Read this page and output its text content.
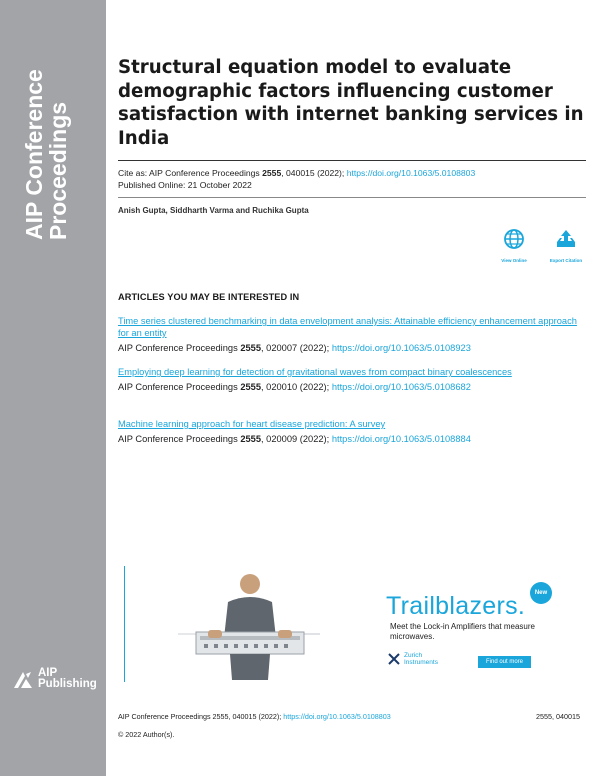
AIP Conference Proceedings
AIP
Publishing
Structural equation model to evaluate demographic factors influencing customer satisfaction with internet banking services in India
Cite as: AIP Conference Proceedings 2555, 040015 (2022); https://doi.org/10.1063/5.0108803
Published Online: 21 October 2022
Anish Gupta, Siddharth Varma and Ruchika Gupta
View Online	Export Citation
ARTICLES YOU MAY BE INTERESTED IN
Time series clustered benchmarking in data envelopment analysis: Attainable efficiency enhancement approach for an entity
AIP Conference Proceedings 2555, 020007 (2022); https://doi.org/10.1063/5.0108923
Employing deep learning for detection of gravitational waves from compact binary coalescences
AIP Conference Proceedings 2555, 020010 (2022); https://doi.org/10.1063/5.0108682
Machine learning approach for heart disease prediction: A survey
AIP Conference Proceedings 2555, 020009 (2022); https://doi.org/10.1063/5.0108884
New
Trailblazers.
Meet the Lock-in Amplifiers that measure microwaves.
Zurich
Instruments	Find out more
AIP Conference Proceedings 2555, 040015 (2022); https://doi.org/10.1063/5.0108803	2555, 040015
© 2022 Author(s).
